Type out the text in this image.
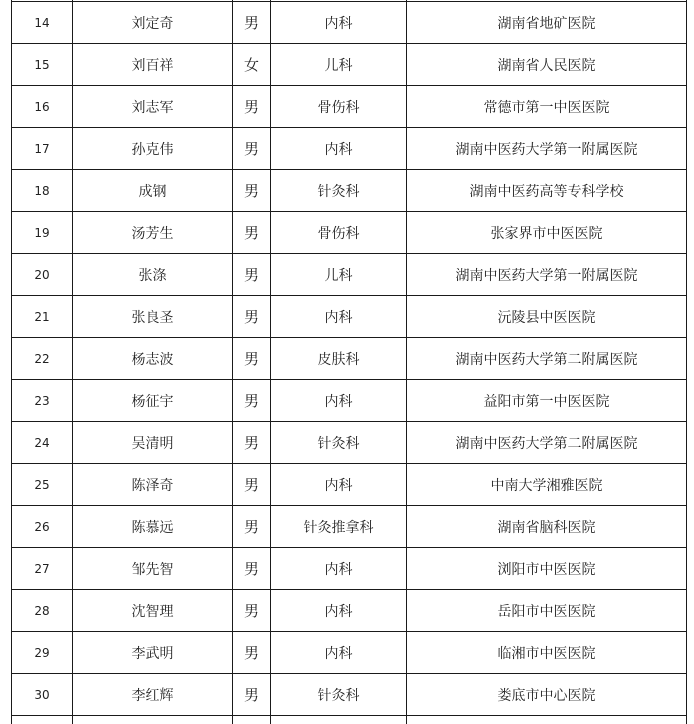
14	刘定奇	男	内科	湖南省地矿医院
15	刘百祥	女	儿科	湖南省人民医院
16	刘志军	男	骨伤科	常德市第一中医医院
17	孙克伟	男	内科	湖南中医药大学第一附属医院
18	成钢	男	针灸科	湖南中医药高等专科学校
19	汤芳生	男	骨伤科	张家界市中医医院
20	张涤	男	儿科	湖南中医药大学第一附属医院
21	张良圣	男	内科	沅陵县中医医院
22	杨志波	男	皮肤科	湖南中医药大学第二附属医院
23	杨征宇	男	内科	益阳市第一中医医院
24	吴清明	男	针灸科	湖南中医药大学第二附属医院
25	陈泽奇	男	内科	中南大学湘雅医院
26	陈慕远	男	针灸推拿科	湖南省脑科医院
27	邹先智	男	内科	浏阳市中医医院
28	沈智理	男	内科	岳阳市中医医院
29	李武明	男	内科	临湘市中医医院
30	李红辉	男	针灸科	娄底市中心医院
